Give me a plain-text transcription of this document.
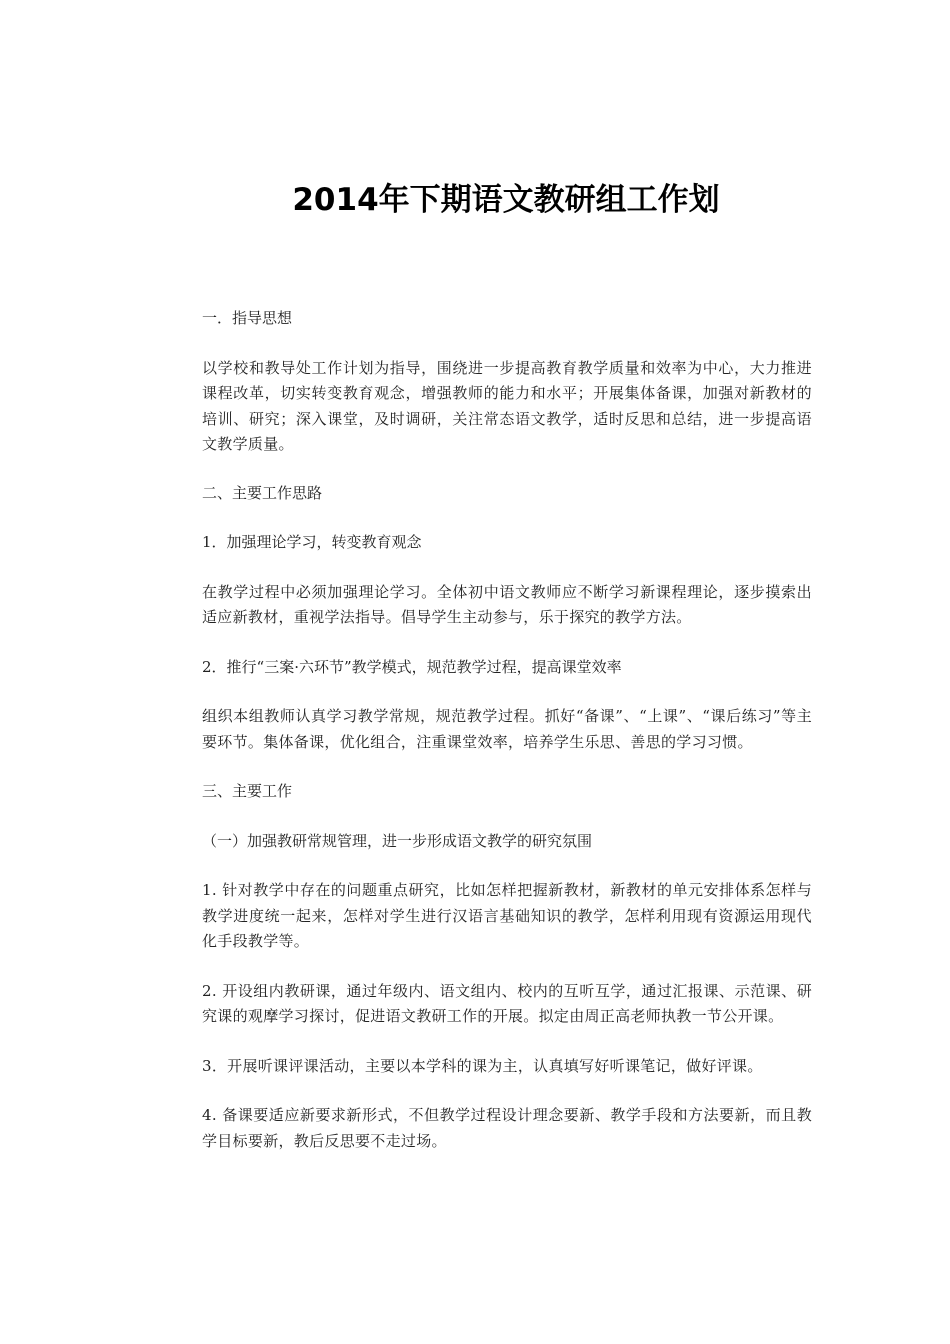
2014年下期语文教研组工作划

一．指导思想

以学校和教导处工作计划为指导，围绕进一步提高教育教学质量和效率为中心，大力推进课程改革，切实转变教育观念，增强教师的能力和水平；开展集体备课，加强对新教材的培训、研究；深入课堂，及时调研，关注常态语文教学，适时反思和总结，进一步提高语文教学质量。

二、主要工作思路

1．加强理论学习，转变教育观念

在教学过程中必须加强理论学习。全体初中语文教师应不断学习新课程理论，逐步摸索出适应新教材，重视学法指导。倡导学生主动参与，乐于探究的教学方法。

2．推行“三案·六环节”教学模式，规范教学过程，提高课堂效率

组织本组教师认真学习教学常规，规范教学过程。抓好“备课”、“上课”、“课后练习”等主要环节。集体备课，优化组合，注重课堂效率，培养学生乐思、善思的学习习惯。

三、主要工作

（一）加强教研常规管理，进一步形成语文教学的研究氛围

1. 针对教学中存在的问题重点研究，比如怎样把握新教材，新教材的单元安排体系怎样与教学进度统一起来，怎样对学生进行汉语言基础知识的教学，怎样利用现有资源运用现代化手段教学等。

2. 开设组内教研课，通过年级内、语文组内、校内的互听互学，通过汇报课、示范课、研究课的观摩学习探讨，促进语文教研工作的开展。拟定由周正高老师执教一节公开课。

3．开展听课评课活动，主要以本学科的课为主，认真填写好听课笔记，做好评课。

4. 备课要适应新要求新形式，不但教学过程设计理念要新、教学手段和方法要新，而且教学目标要新，教后反思要不走过场。
